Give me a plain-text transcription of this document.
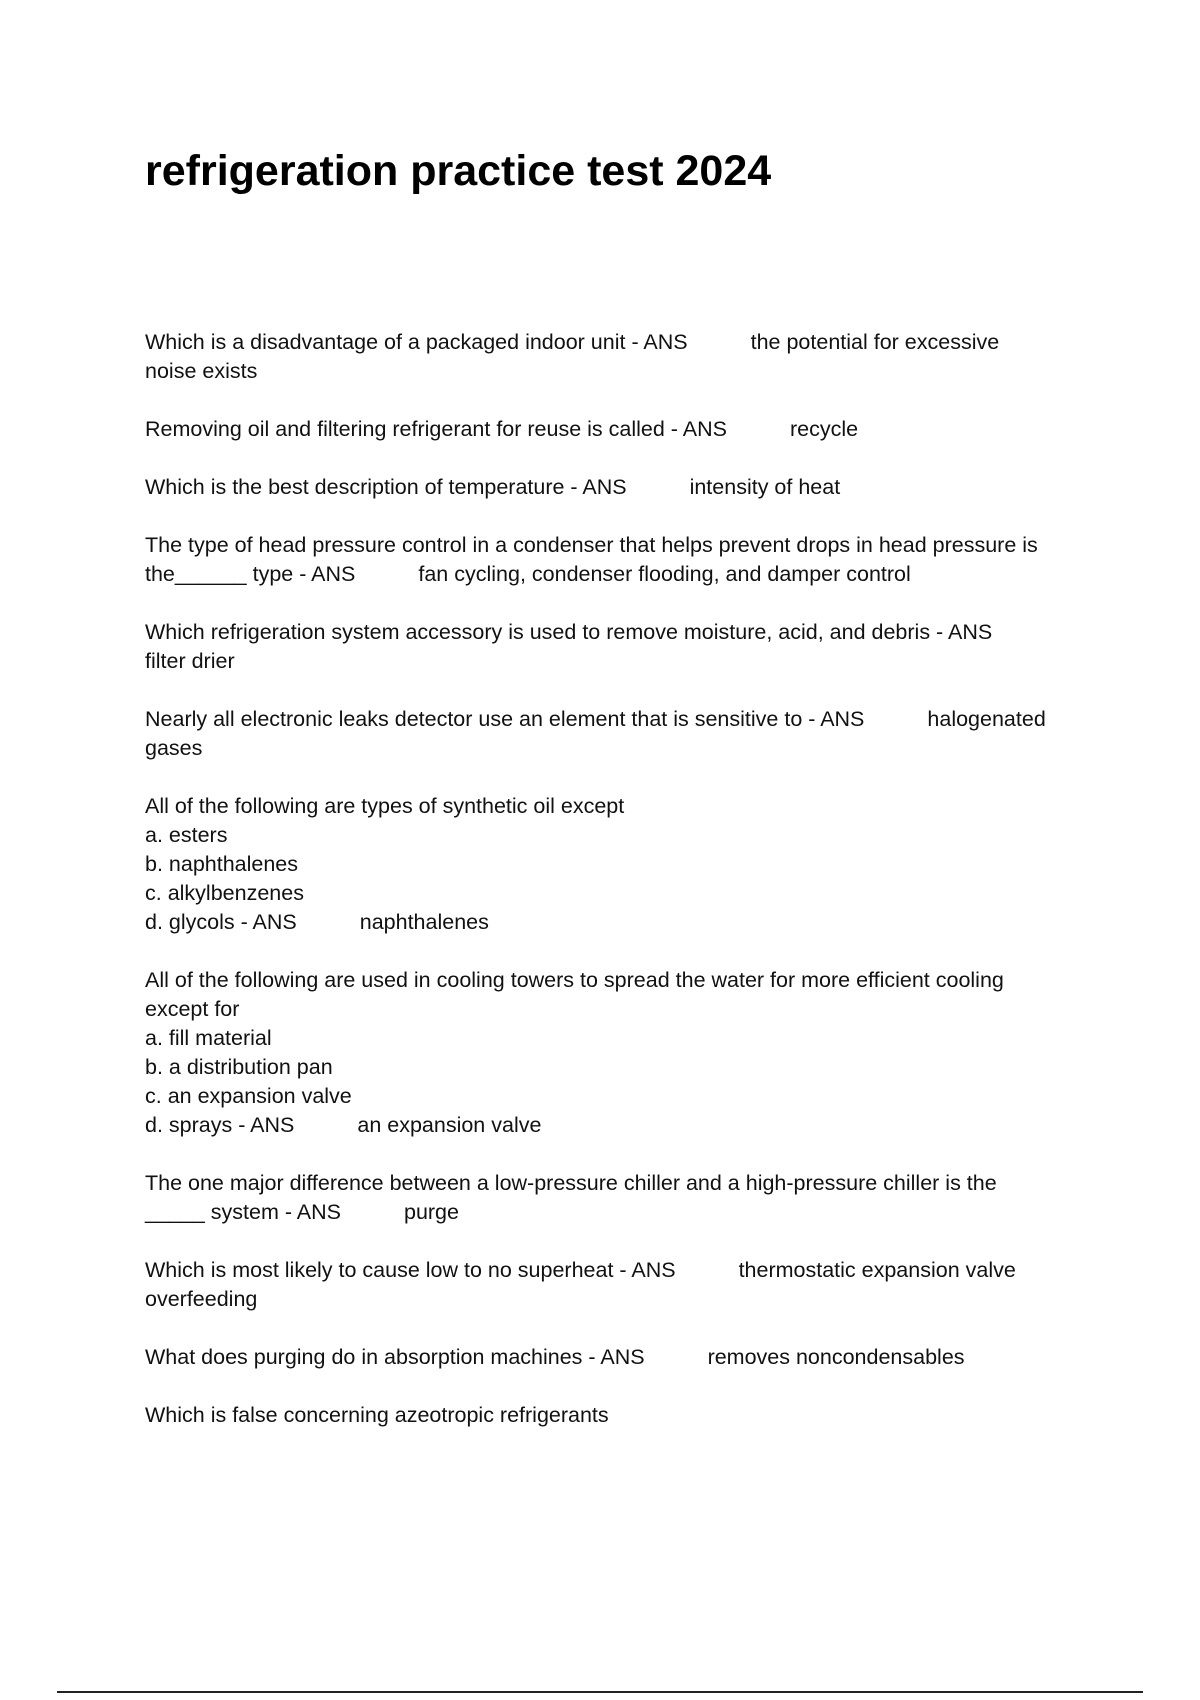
refrigeration practice test 2024
Which is a disadvantage of a packaged indoor unit - ANS	the potential for excessive
noise exists
Removing oil and filtering refrigerant for reuse is called - ANS	recycle
Which is the best description of temperature - ANS	intensity of heat
The type of head pressure control in a condenser that helps prevent drops in head pressure is
the______ type - ANS	fan cycling, condenser flooding, and damper control
Which refrigeration system accessory is used to remove moisture, acid, and debris - ANS
filter drier
Nearly all electronic leaks detector use an element that is sensitive to - ANS	halogenated
gases
All of the following are types of synthetic oil except
a. esters
b. naphthalenes
c. alkylbenzenes
d. glycols - ANS	naphthalenes
All of the following are used in cooling towers to spread the water for more efficient cooling
except for
a. fill material
b. a distribution pan
c. an expansion valve
d. sprays - ANS	an expansion valve
The one major difference between a low-pressure chiller and a high-pressure chiller is the
_____ system - ANS	purge
Which is most likely to cause low to no superheat - ANS	thermostatic expansion valve
overfeeding
What does purging do in absorption machines - ANS	removes noncondensables
Which is false concerning azeotropic refrigerants
